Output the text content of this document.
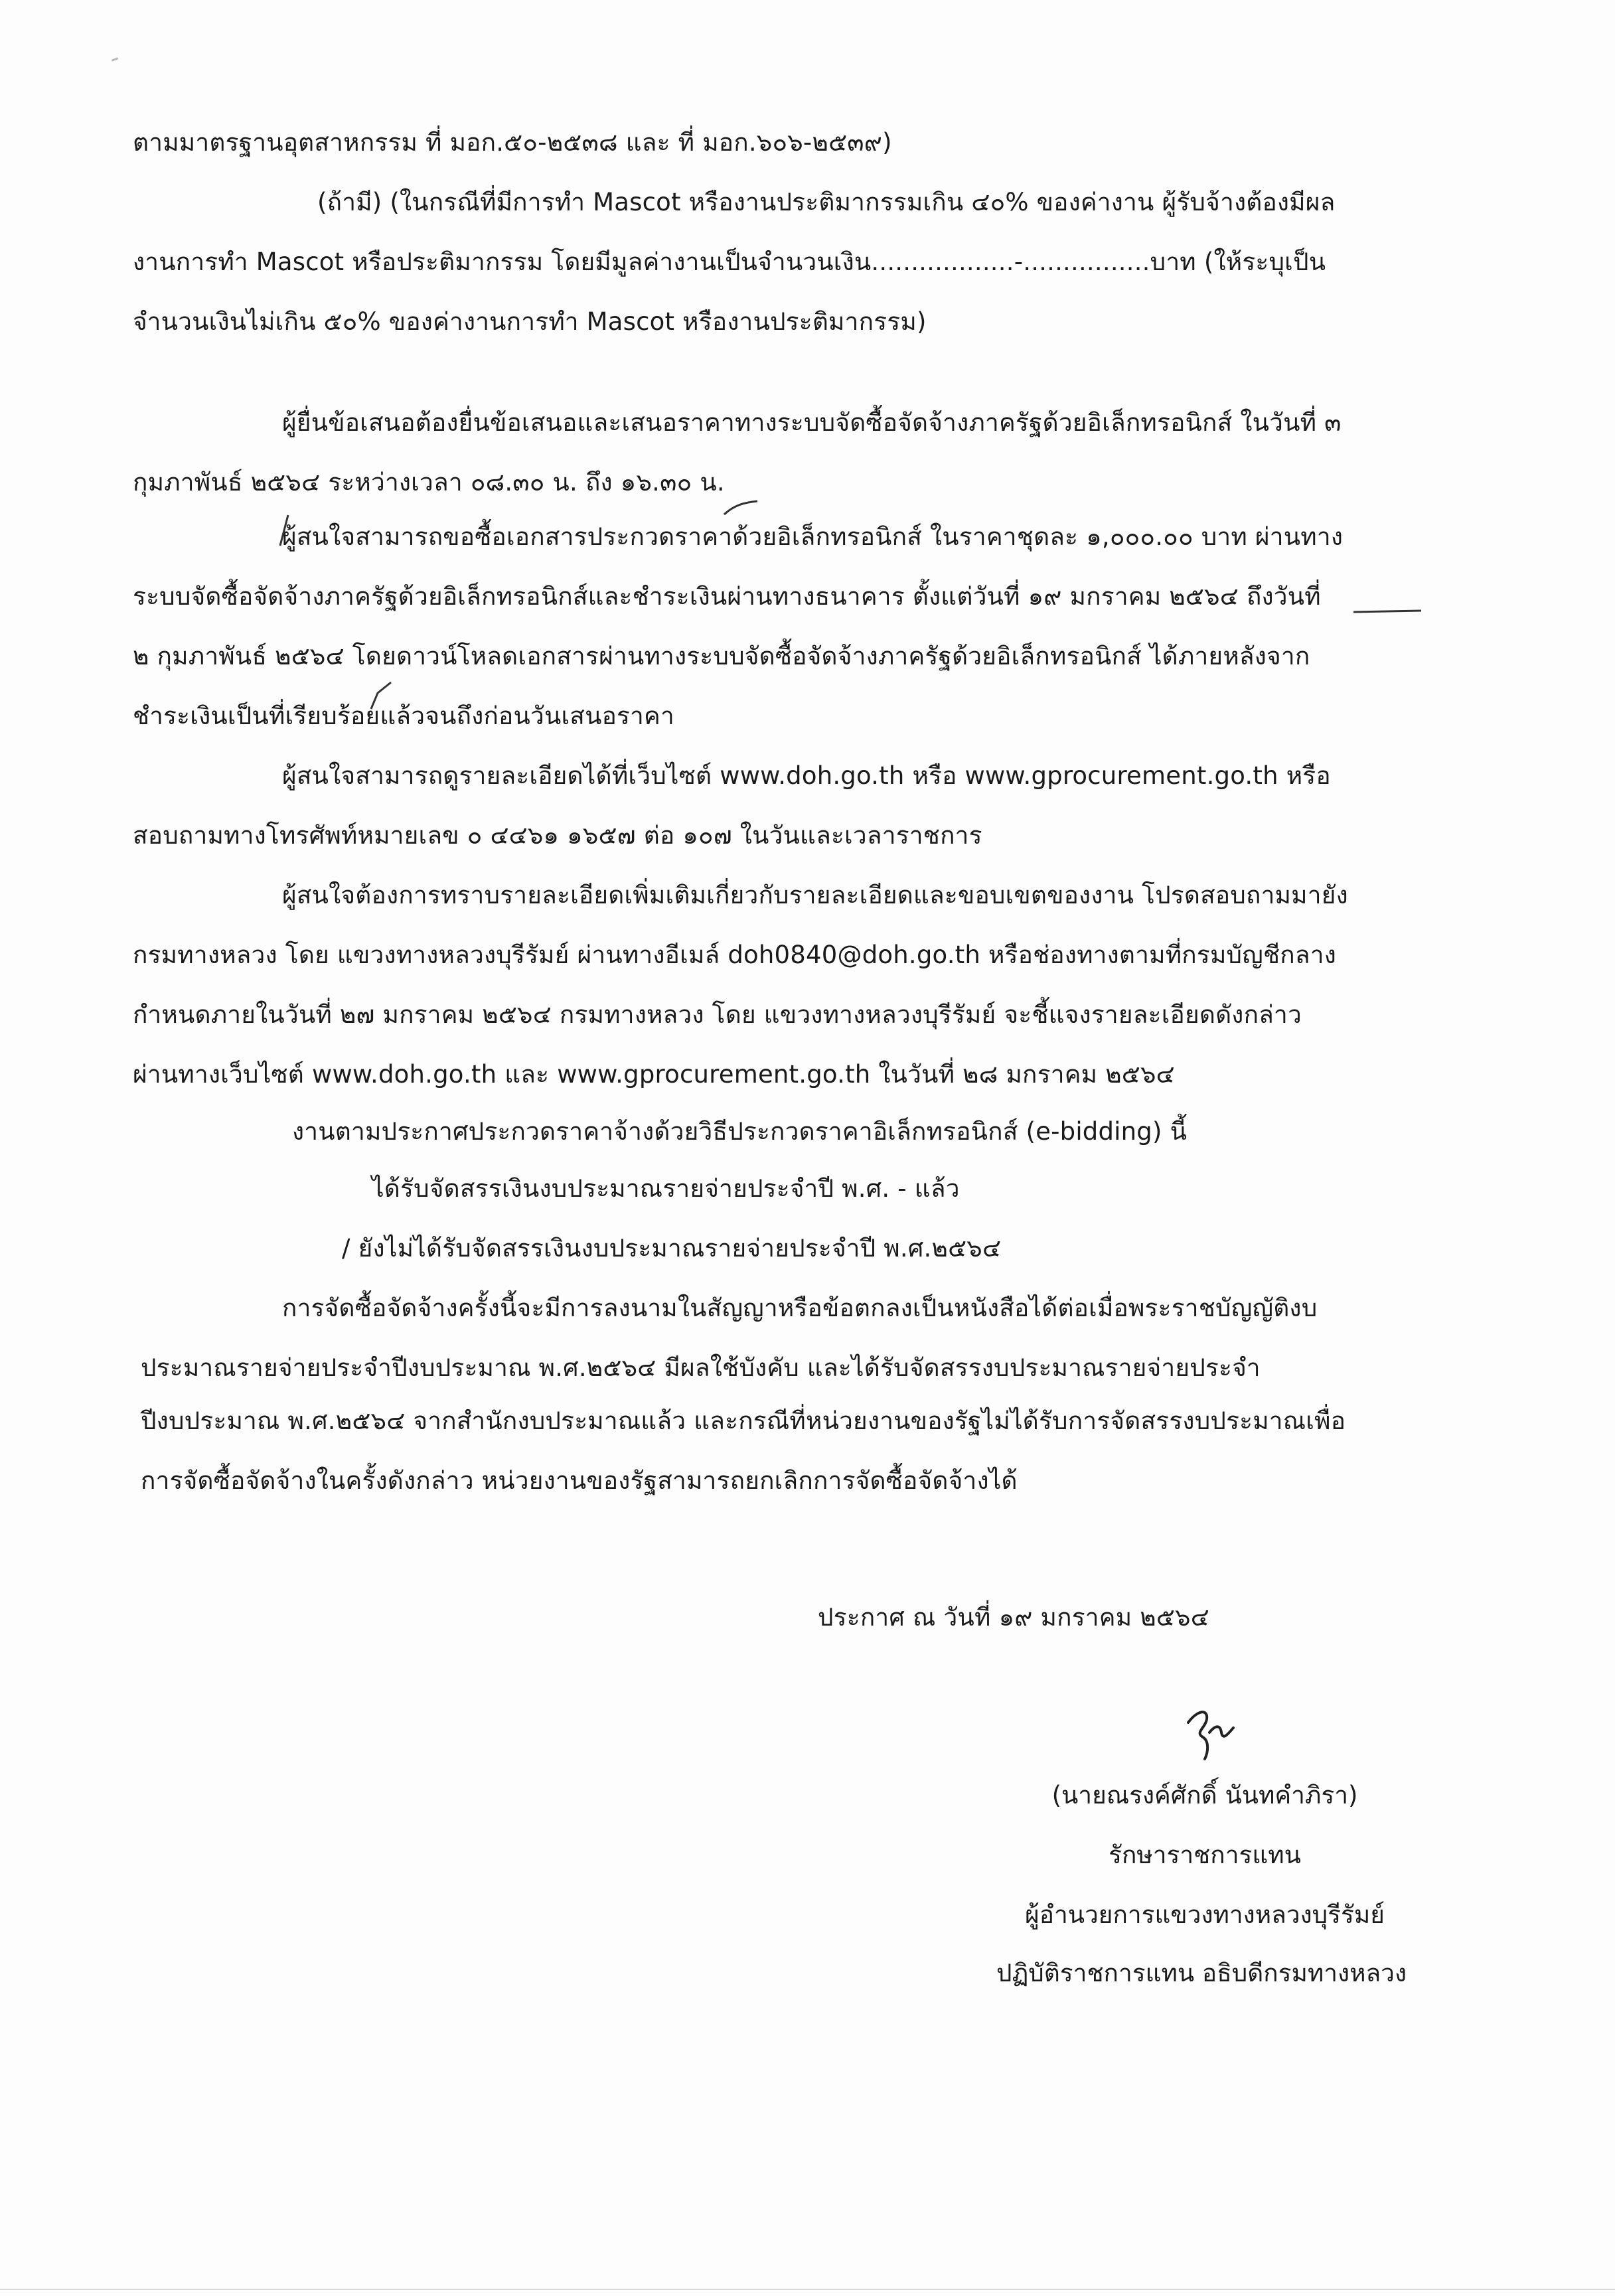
ตามมาตรฐานอุตสาหกรรม ที่ มอก.๕๐-๒๕๓๘ และ ที่ มอก.๖๐๖-๒๕๓๙)
(ถ้ามี) (ในกรณีที่มีการทำ Mascot หรืองานประติมากรรมเกิน ๔๐% ของค่างาน ผู้รับจ้างต้องมีผล
งานการทำ Mascot หรือประติมากรรม โดยมีมูลค่างานเป็นจำนวนเงิน..................-................บาท (ให้ระบุเป็น
จำนวนเงินไม่เกิน ๕๐% ของค่างานการทำ Mascot หรืองานประติมากรรม)
ผู้ยื่นข้อเสนอต้องยื่นข้อเสนอและเสนอราคาทางระบบจัดซื้อจัดจ้างภาครัฐด้วยอิเล็กทรอนิกส์ ในวันที่ ๓
กุมภาพันธ์ ๒๕๖๔ ระหว่างเวลา ๐๘.๓๐ น. ถึง ๑๖.๓๐ น.
ผู้สนใจสามารถขอซื้อเอกสารประกวดราคาด้วยอิเล็กทรอนิกส์ ในราคาชุดละ ๑,๐๐๐.๐๐ บาท ผ่านทาง
ระบบจัดซื้อจัดจ้างภาครัฐด้วยอิเล็กทรอนิกส์และชำระเงินผ่านทางธนาคาร ตั้งแต่วันที่ ๑๙ มกราคม ๒๕๖๔ ถึงวันที่
๒ กุมภาพันธ์ ๒๕๖๔ โดยดาวน์โหลดเอกสารผ่านทางระบบจัดซื้อจัดจ้างภาครัฐด้วยอิเล็กทรอนิกส์ ได้ภายหลังจาก
ชำระเงินเป็นที่เรียบร้อยแล้วจนถึงก่อนวันเสนอราคา
ผู้สนใจสามารถดูรายละเอียดได้ที่เว็บไซต์ www.doh.go.th หรือ www.gprocurement.go.th หรือ
สอบถามทางโทรศัพท์หมายเลข ๐ ๔๔๖๑ ๑๖๕๗ ต่อ ๑๐๗ ในวันและเวลาราชการ
ผู้สนใจต้องการทราบรายละเอียดเพิ่มเติมเกี่ยวกับรายละเอียดและขอบเขตของงาน โปรดสอบถามมายัง
กรมทางหลวง โดย แขวงทางหลวงบุรีรัมย์ ผ่านทางอีเมล์ doh0840@doh.go.th หรือช่องทางตามที่กรมบัญชีกลาง
กำหนดภายในวันที่ ๒๗ มกราคม ๒๕๖๔ กรมทางหลวง โดย แขวงทางหลวงบุรีรัมย์ จะชี้แจงรายละเอียดดังกล่าว
ผ่านทางเว็บไซต์ www.doh.go.th และ www.gprocurement.go.th ในวันที่ ๒๘ มกราคม ๒๕๖๔
งานตามประกาศประกวดราคาจ้างด้วยวิธีประกวดราคาอิเล็กทรอนิกส์ (e-bidding) นี้
ได้รับจัดสรรเงินงบประมาณรายจ่ายประจำปี พ.ศ. - แล้ว
/ ยังไม่ได้รับจัดสรรเงินงบประมาณรายจ่ายประจำปี พ.ศ.๒๕๖๔
การจัดซื้อจัดจ้างครั้งนี้จะมีการลงนามในสัญญาหรือข้อตกลงเป็นหนังสือได้ต่อเมื่อพระราชบัญญัติงบ
ประมาณรายจ่ายประจำปีงบประมาณ พ.ศ.๒๕๖๔ มีผลใช้บังคับ และได้รับจัดสรรงบประมาณรายจ่ายประจำ
ปีงบประมาณ พ.ศ.๒๕๖๔ จากสำนักงบประมาณแล้ว และกรณีที่หน่วยงานของรัฐไม่ได้รับการจัดสรรงบประมาณเพื่อ
การจัดซื้อจัดจ้างในครั้งดังกล่าว หน่วยงานของรัฐสามารถยกเลิกการจัดซื้อจัดจ้างได้
ประกาศ ณ วันที่ ๑๙ มกราคม ๒๕๖๔
(นายณรงค์ศักดิ์ นันทคำภิรา)
รักษาราชการแทน
ผู้อำนวยการแขวงทางหลวงบุรีรัมย์
ปฏิบัติราชการแทน อธิบดีกรมทางหลวง
